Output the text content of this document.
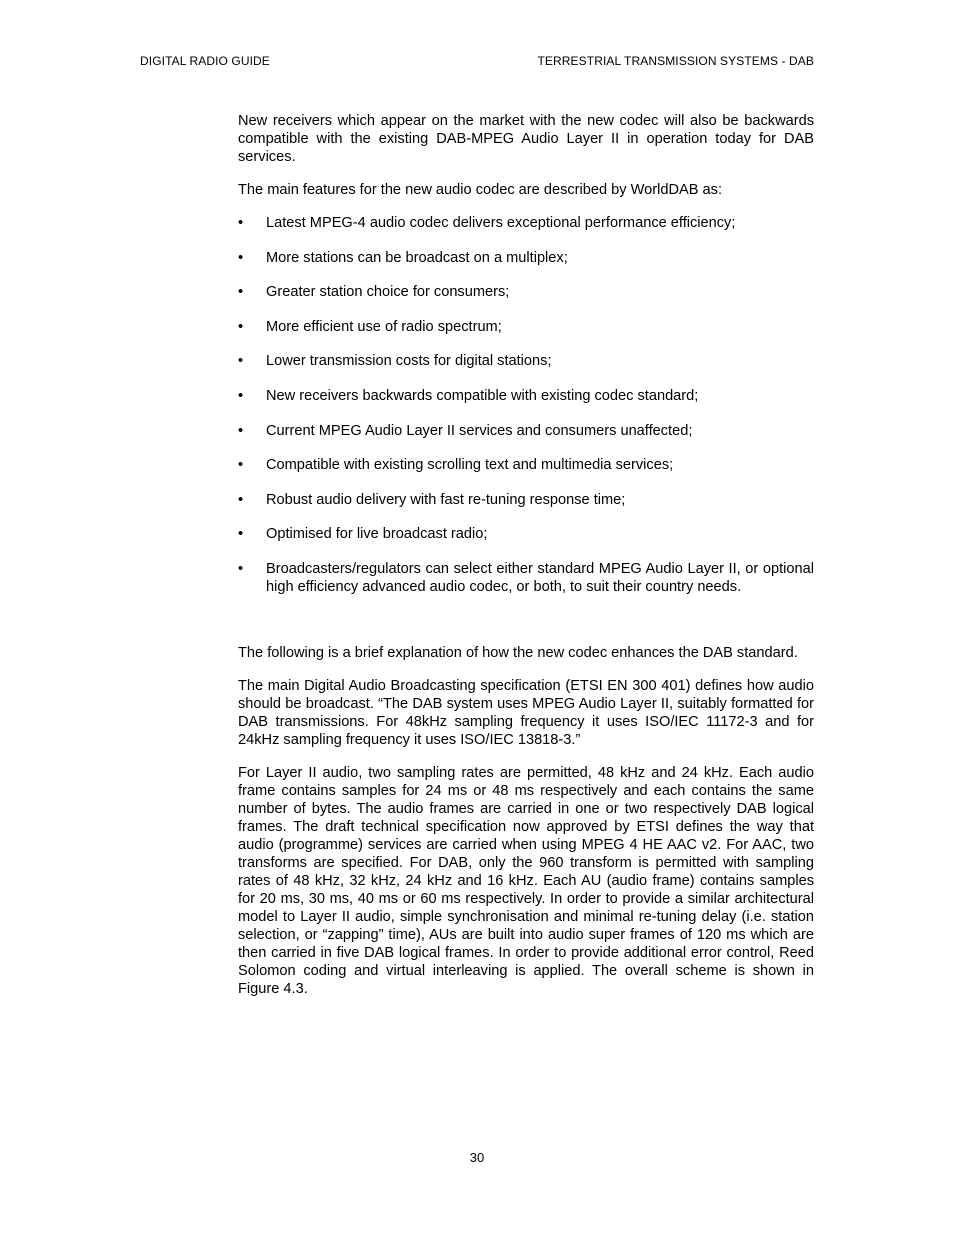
DIGITAL RADIO GUIDE	TERRESTRIAL TRANSMISSION SYSTEMS - DAB

New receivers which appear on the market with the new codec will also be backwards compatible with the existing DAB-MPEG Audio Layer II in operation today for DAB services.

The main features for the new audio codec are described by WorldDAB as:

•	Latest MPEG-4 audio codec delivers exceptional performance efficiency;
•	More stations can be broadcast on a multiplex;
•	Greater station choice for consumers;
•	More efficient use of radio spectrum;
•	Lower transmission costs for digital stations;
•	New receivers backwards compatible with existing codec standard;
•	Current MPEG Audio Layer II services and consumers unaffected;
•	Compatible with existing scrolling text and multimedia services;
•	Robust audio delivery with fast re-tuning response time;
•	Optimised for live broadcast radio;
•	Broadcasters/regulators can select either standard MPEG Audio Layer II, or optional high efficiency advanced audio codec, or both, to suit their country needs.

The following is a brief explanation of how the new codec enhances the DAB standard.

The main Digital Audio Broadcasting specification (ETSI EN 300 401) defines how audio should be broadcast. “The DAB system uses MPEG Audio Layer II, suitably formatted for DAB transmissions. For 48kHz sampling frequency it uses ISO/IEC 11172-3 and for 24kHz sampling frequency it uses ISO/IEC 13818-3.”

For Layer II audio, two sampling rates are permitted, 48 kHz and 24 kHz. Each audio frame contains samples for 24 ms or 48 ms respectively and each contains the same number of bytes. The audio frames are carried in one or two respectively DAB logical frames. The draft technical specification now approved by ETSI defines the way that audio (programme) services are carried when using MPEG 4 HE AAC v2. For AAC, two transforms are specified. For DAB, only the 960 transform is permitted with sampling rates of 48 kHz, 32 kHz, 24 kHz and 16 kHz. Each AU (audio frame) contains samples for 20 ms, 30 ms, 40 ms or 60 ms respectively. In order to provide a similar architectural model to Layer II audio, simple synchronisation and minimal re-tuning delay (i.e. station selection, or “zapping” time), AUs are built into audio super frames of 120 ms which are then carried in five DAB logical frames. In order to provide additional error control, Reed Solomon coding and virtual interleaving is applied. The overall scheme is shown in Figure 4.3.

30
